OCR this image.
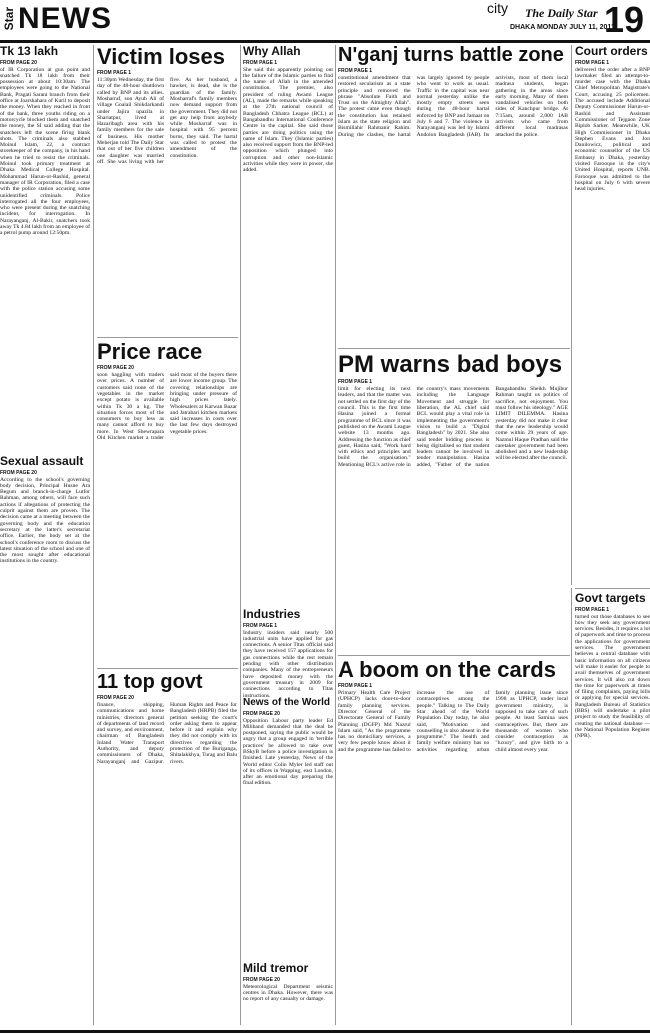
Star NEWS	city The Daily Star
DHAKA MONDAY JULY 11, 2011
19
Tk 13 lakh
FROM PAGE 20
of IR Corporation at gun point and snatched Tk 18 lakh from their possession at about 10:30am. The employees were going to the National Bank, Pragati Sarani branch from their office at Joarshahara of Kuril to deposit the money. When they reached in front of the bank, three youths riding on a motorcycle blocked them and snatched the money, the SI said adding that the snatchers left the scene firing blank shots. The criminals also stabbed Moinul Islam, 22, a contract storekeeper of the company, in his hand when he tried to resist the criminals. Moinul took primary treatment at Dhaka Medical College Hospital. Mohammad Harun-or-Rashid, general manager of IR Corporation, filed a case with the police station accusing some unidentified criminals. Police interrogated all the four employees, who were present during the snatching incident, for interrogation. In Narayanganj, Al-Bakir, snatchers took away Tk 4.84 lakh from an employee of a petrol pump around 12:50pm.
Sexual assault
FROM PAGE 20
According to the school's governing body decision, Principal Husne Ara Begum and branch-in-charge Lutfor Rahman, among others, will face such actions if allegations of protecting the culprit against them are proven. The decision came at a meeting between the governing body and the education secretary at the latter's secretariat office. Earlier, the body set at the school's conference room to discuss the latest situation of the school and one of the most sought after educational institutions in the country.
Victim loses
FROM PAGE 1
11:30pm Wednesday, the first day of the 48-hour shutdown called by BNP and its allies. Mosharraf, son Ayub Ali of village Goalail Shikdarkandi under Jajira upazila in Shariatpur, lived at Hazaribagh area with his family members for the sale of business. His mother Meherjan told The Daily Star that out of her five children one daughter was married off. She was living with her five. As her husband, a hawker, is dead, she is the guardian of the family. Mosharraf's family members now demand support from the government. They did not get any help from anybody while Mosharraf was in hospital with 95 percent burns, they said. The hartal was called to protest the amendment of the constitution.
Why Allah
FROM PAGE 1
She said this apparently pointing out the failure of the Islamic parties to find the name of Allah in the amended constitution. The premier, also president of ruling Awami League (AL), made the remarks while speaking at the 27th national council of Bangladesh Chhatra League (BCL) at Bangabandhu International Conference Centre in the capital. She said those parties are doing politics using the name of Islam. They (Islamic parties) also received support from the BNP-led opposition which plunged into corruption and other non-Islamic activities while they were in power, she added.
N'ganj turns battle zone
FROM PAGE 1
constitutional amendment that restored secularism as a state principle and removed the phrase "Absolute Faith and Trust on the Almighty Allah". The protest came even though the constitution has retained Islam as the state religion and Bismillahir Rahmanir Rahim. During the clashes, the hartal was largely ignored by people who went to work as usual. Traffic in the capital was near normal yesterday unlike the mostly empty streets seen during the 48-hour hartal enforced by BNP and Jamaat on July 6 and 7. The violence in Narayanganj was led by Islami Andolon Bangladesh (IAB). Its activists, most of them local madrasa students, began gathering in the areas since early morning. Many of them vandalised vehicles on both sides of Kanchpur bridge. At 7:15am, around 2,000 IAB activists who came from different local madrasas attacked the police.
Court orders
FROM PAGE 1
delivered the order after a BNP lawmaker filed an attempt-to-murder case with the Dhaka Chief Metropolitan Magistrate's Court, accusing 25 policemen. The accused include Additional Deputy Commissioner Harun-or-Rashid and Assistant Commissioner of Tejgaon Zone Biplob Sarker. Meanwhile, UK High Commissioner in Dhaka Stephen Evans and Jon Danilowicz, political and economic counsellor of the US Embassy in Dhaka, yesterday visited Farooque in the city's United Hospital, reports UNB. Farooque was admitted to the hospital on July 6 with severe head injuries.
Price race
FROM PAGE 20
soon haggling with traders over prices. A number of customers said none of the vegetables in the market except potato is available within Tk 30 a kg. The situation forces most of the consumers to buy less as many cannot afford to buy more. In West Shewrapara Old Kitchen market a trader said most of the buyers there are lower income group. The covering relationships are bringing under pressure of high prices lately. Wholesalers at Karwan Bazar and Jatrabari kitchen markets said increases in costs over the last few days destroyed vegetable prices.
11 top govt
FROM PAGE 20
finance, shipping, communications and home ministries, directors general of departments of land record and survey, and environment, chairman of Bangladesh Inland Water Transport Authority, and deputy commissioners of Dhaka, Narayanganj and Gazipur. Human Rights and Peace for Bangladesh (HRPB) filed the petition seeking the court's order asking them to appear before it and explain why they did not comply with its directives regarding the protection of the Buriganga, Shitalakkhya, Turag and Balu rivers.
Industries
FROM PAGE 1
Industry insiders said nearly 500 industrial units have applied for gas connections. A senior Titas official said they have received 157 applications for gas connections while the rest remain pending with other distribution companies. Many of the entrepreneurs have deposited money with the government treasury in 2009 for connections according to Titas instructions.
News of the World
FROM PAGE 20
Opposition Labour party leader Ed Miliband demanded that the deal be postponed, saying the public would be angry that a group engaged in 'terrible practices' be allowed to take over BSkyB before a police investigation is finished. Late yesterday, News of the World editor Colin Myler led staff out of its offices in Wapping, east London, after an emotional day preparing the final edition.
Mild tremor
FROM PAGE 20
Meteorological Department seismic centres in Dhaka. However, there was no report of any casualty or damage.
PM warns bad boys
FROM PAGE 1
limit for electing its next leaders, and that the matter was not settled on the first day of the council. This is the first time Hasina joined a formal programme of BCL since it was published on the Awami League website 13 months ago. Addressing the function as chief guest, Hasina said, "Work hard with ethics and principles and build the organisation." Mentioning BCL's active role in the country's mass movements including the Language Movement and struggle for liberation, the AL chief said BCL would play a vital role in implementing the government's vision to build a "Digital Bangladesh" by 2021. She also said tender bidding process is being digitalised so that student leaders cannot be involved in tender manipulation. Hasina added, "Father of the nation Bangabandhu Sheikh Mujibur Rahman taught us politics of sacrifice, not enjoyment. You must follow his ideology." AGE LIMIT DILEMMA. Hasina yesterday did not make it clear that the new leadership would come within 29 years of age. Nazmul Haque Pradhan said the caretaker government had been abolished and a new leadership will be elected after the council.
A boom on the cards
FROM PAGE 1
Primary Health Care Project (UPHCP) lacks door-to-door family planning services. Director General of the Directorate General of Family Planning (DGFP) Md Nazrul Islam said, "As the programme has no domiciliary services, a very few people know about it and the programme has failed to increase the use of contraceptives among the people." Talking to The Daily Star ahead of the World Population Day today, he also said, "Motivation and counselling is also absent in the programme." The health and family welfare ministry has no activities regarding urban family planning issue since 1998 as UPHCP, under local government ministry, is supposed to take care of such people. At least Samina uses contraceptives. But, there are thousands of women who consider contraception as "luxury", and give birth to a child almost every year.
Govt targets
FROM PAGE 1
turned out those databases to see how they seek any government services. Besides, it requires a lot of paperwork and time to process the applications for government services. The government believes a central database with basic information on all citizens will make it easier for people to avail themselves of government services. It will also cut down the time for paperwork at times of filing complaints, paying bills or applying for special services. Bangladesh Bureau of Statistics (BBS) will undertake a pilot project to study the feasibility of creating the national database — the National Population Register (NPR).
